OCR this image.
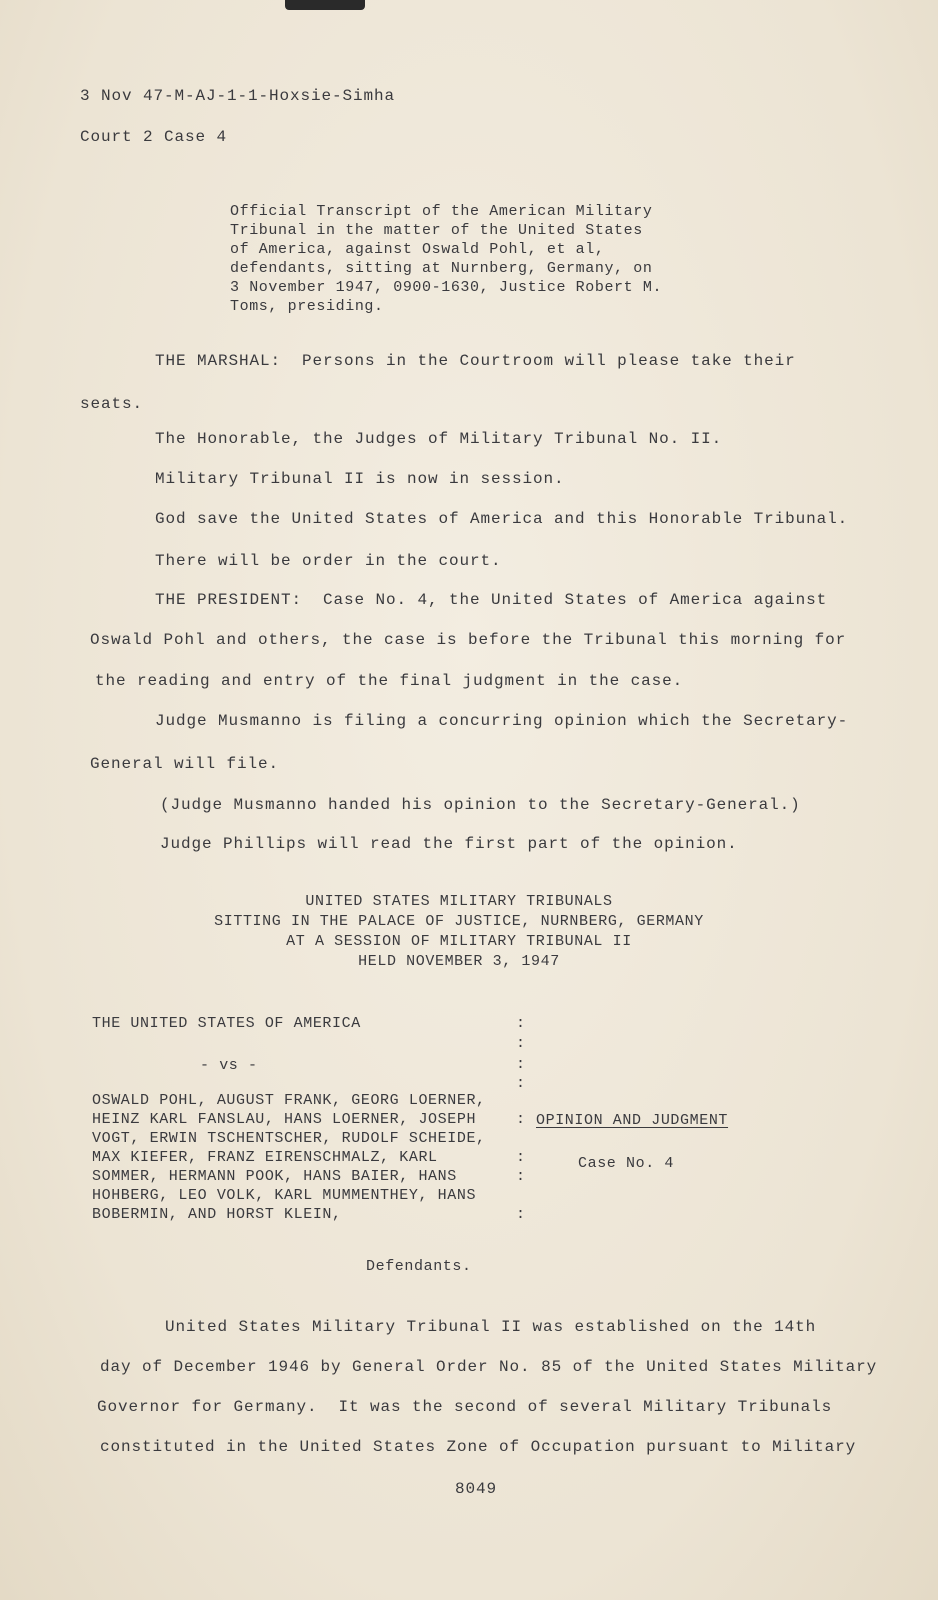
3 Nov 47-M-AJ-1-1-Hoxsie-Simha
Court 2 Case 4
Official Transcript of the American Military
Tribunal in the matter of the United States
of America, against Oswald Pohl, et al,
defendants, sitting at Nurnberg, Germany, on
3 November 1947, 0900-1630, Justice Robert M.
Toms, presiding.
THE MARSHAL:  Persons in the Courtroom will please take their
seats.
The Honorable, the Judges of Military Tribunal No. II.
Military Tribunal II is now in session.
God save the United States of America and this Honorable Tribunal.
There will be order in the court.
THE PRESIDENT:  Case No. 4, the United States of America against
Oswald Pohl and others, the case is before the Tribunal this morning for
the reading and entry of the final judgment in the case.
Judge Musmanno is filing a concurring opinion which the Secretary-
General will file.
(Judge Musmanno handed his opinion to the Secretary-General.)
Judge Phillips will read the first part of the opinion.
UNITED STATES MILITARY TRIBUNALS
SITTING IN THE PALACE OF JUSTICE, NURNBERG, GERMANY
AT A SESSION OF MILITARY TRIBUNAL II
HELD NOVEMBER 3, 1947
THE UNITED STATES OF AMERICA
- vs -
OSWALD POHL, AUGUST FRANK, GEORG LOERNER,
HEINZ KARL FANSLAU, HANS LOERNER, JOSEPH
VOGT, ERWIN TSCHENTSCHER, RUDOLF SCHEIDE,
MAX KIEFER, FRANZ EIRENSCHMALZ, KARL
SOMMER, HERMANN POOK, HANS BAIER, HANS
HOHBERG, LEO VOLK, KARL MUMMENTHEY, HANS
BOBERMIN, AND HORST KLEIN,
:
:
:
:
:
:
:
:
OPINION AND JUDGMENT
Case No. 4
Defendants.
United States Military Tribunal II was established on the 14th
day of December 1946 by General Order No. 85 of the United States Military
Governor for Germany.  It was the second of several Military Tribunals
constituted in the United States Zone of Occupation pursuant to Military
8049
